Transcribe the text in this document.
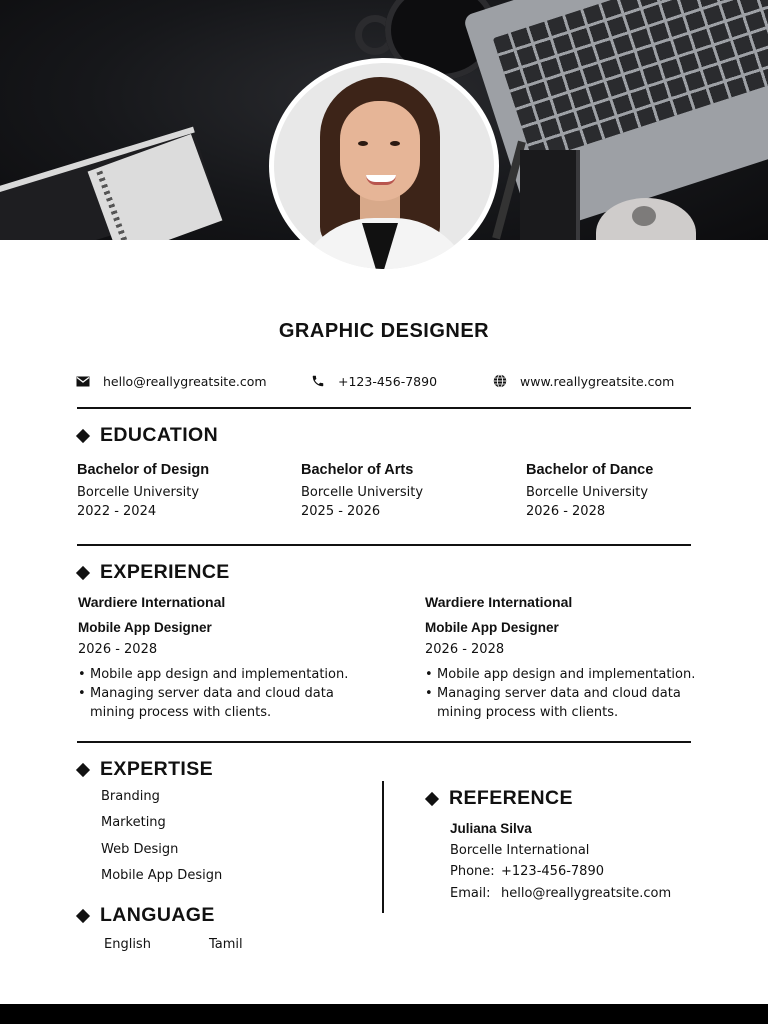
GRAPHIC DESIGNER
hello@reallygreatsite.com	+123-456-7890	www.reallygreatsite.com
EDUCATION
Bachelor of Design
Borcelle University
2022 - 2024
Bachelor of Arts
Borcelle University
2025 - 2026
Bachelor of Dance
Borcelle University
2026 - 2028
EXPERIENCE
Wardiere International
Mobile App Designer
2026 - 2028
• Mobile app design and implementation.
• Managing server data and cloud data mining process with clients.
Wardiere International
Mobile App Designer
2026 - 2028
• Mobile app design and implementation.
• Managing server data and cloud data mining process with clients.
EXPERTISE
Branding
Marketing
Web Design
Mobile App Design
LANGUAGE
English	Tamil
REFERENCE
Juliana Silva
Borcelle International
Phone: +123-456-7890
Email: hello@reallygreatsite.com
